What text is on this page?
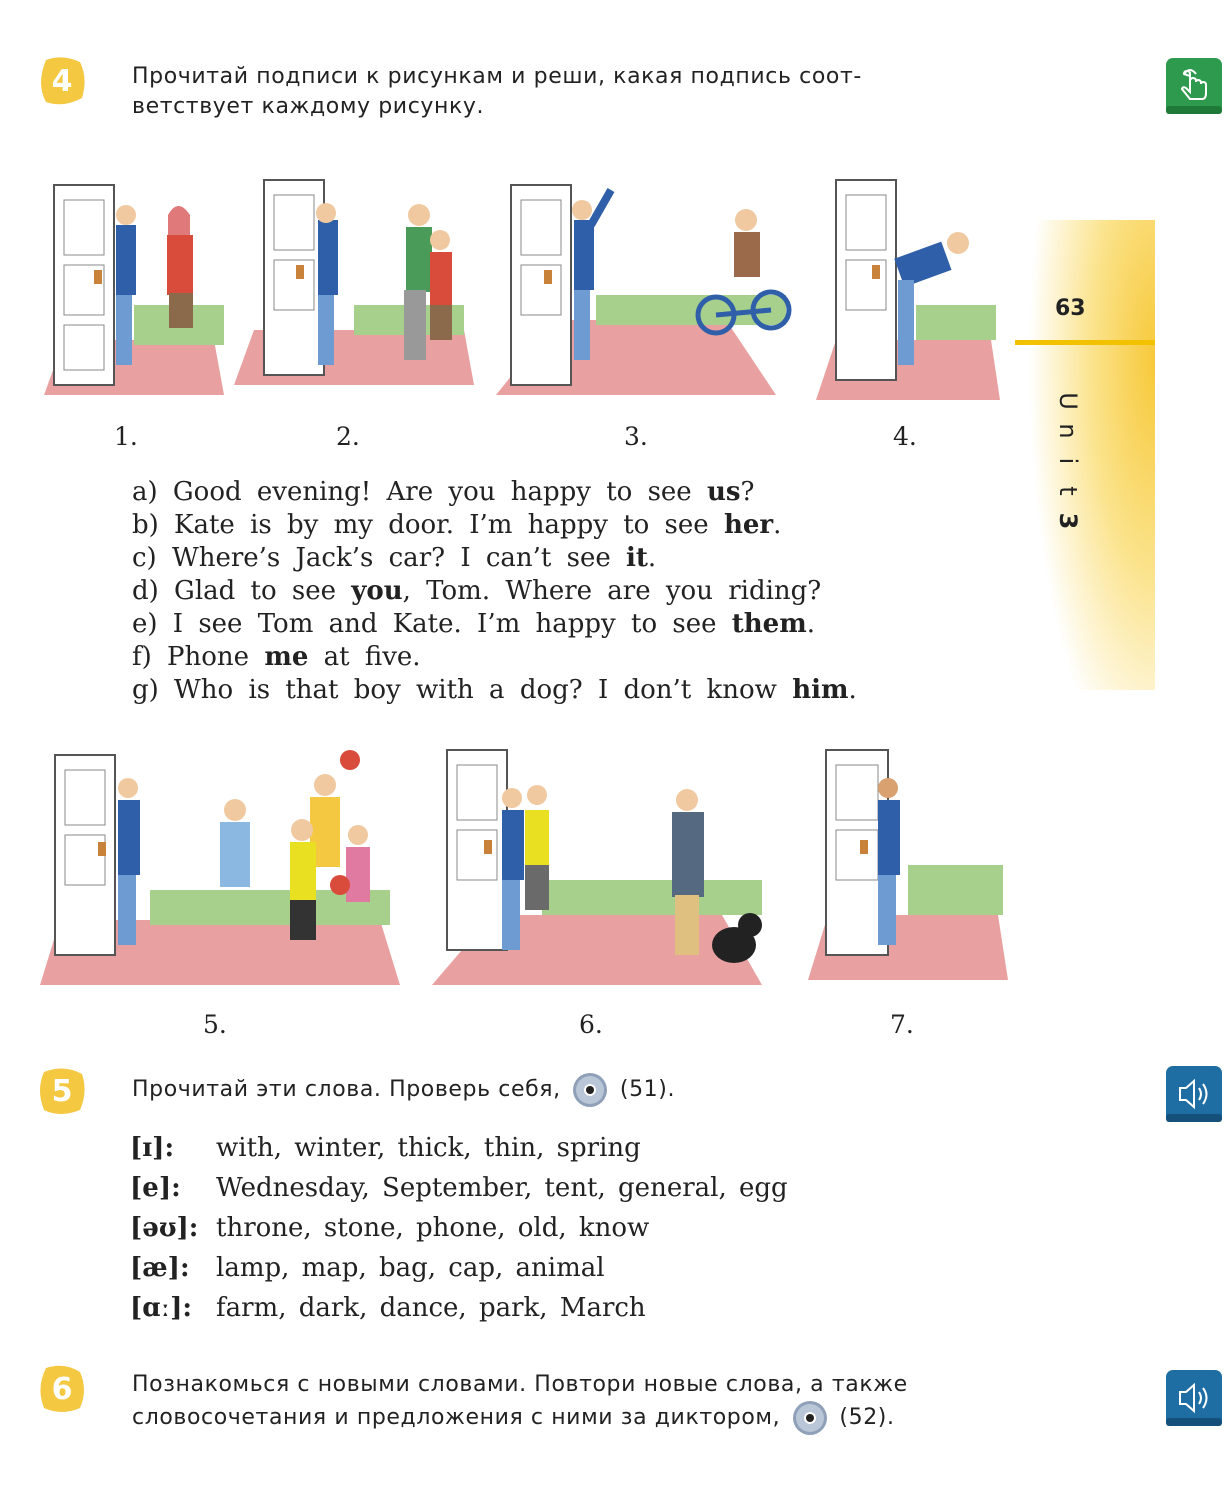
63
U
n
i
t
3
4	Прочитай подписи к рисункам и реши, какая подпись соот-
ветствует каждому рисунку.
1.	2.	3.	4.
a) Good evening! Are you happy to see us?
b) Kate is by my door. I’m happy to see her.
c) Where’s Jack’s car? I can’t see it.
d) Glad to see you, Tom. Where are you riding?
e) I see Tom and Kate. I’m happy to see them.
f) Phone me at five.
g) Who is that boy with a dog? I don’t know him.
5.	6.	7.
5	Прочитай эти слова. Проверь себя,  (51).
[ɪ]: with, winter, thick, thin, spring
[e]: Wednesday, September, tent, general, egg
[əʊ]: throne, stone, phone, old, know
[æ]: lamp, map, bag, cap, animal
[ɑː]: farm, dark, dance, park, March
6	Познакомься с новыми словами. Повтори новые слова, а также
словосочетания и предложения с ними за диктором,  (52).
